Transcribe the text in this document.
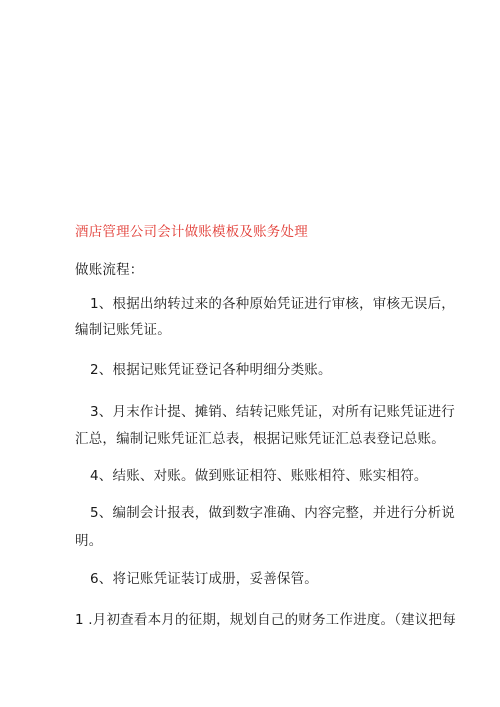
酒店管理公司会计做账模板及账务处理
做账流程：
1、根据出纳转过来的各种原始凭证进行审核，审核无误后，
编制记账凭证。
2、根据记账凭证登记各种明细分类账。
3、月末作计提、摊销、结转记账凭证，对所有记账凭证进行
汇总，编制记账凭证汇总表，根据记账凭证汇总表登记总账。
4、结账、对账。做到账证相符、账账相符、账实相符。
5、编制会计报表，做到数字准确、内容完整，并进行分析说
明。
6、将记账凭证装订成册，妥善保管。
1 .月初查看本月的征期，规划自己的财务工作进度。（建议把每
